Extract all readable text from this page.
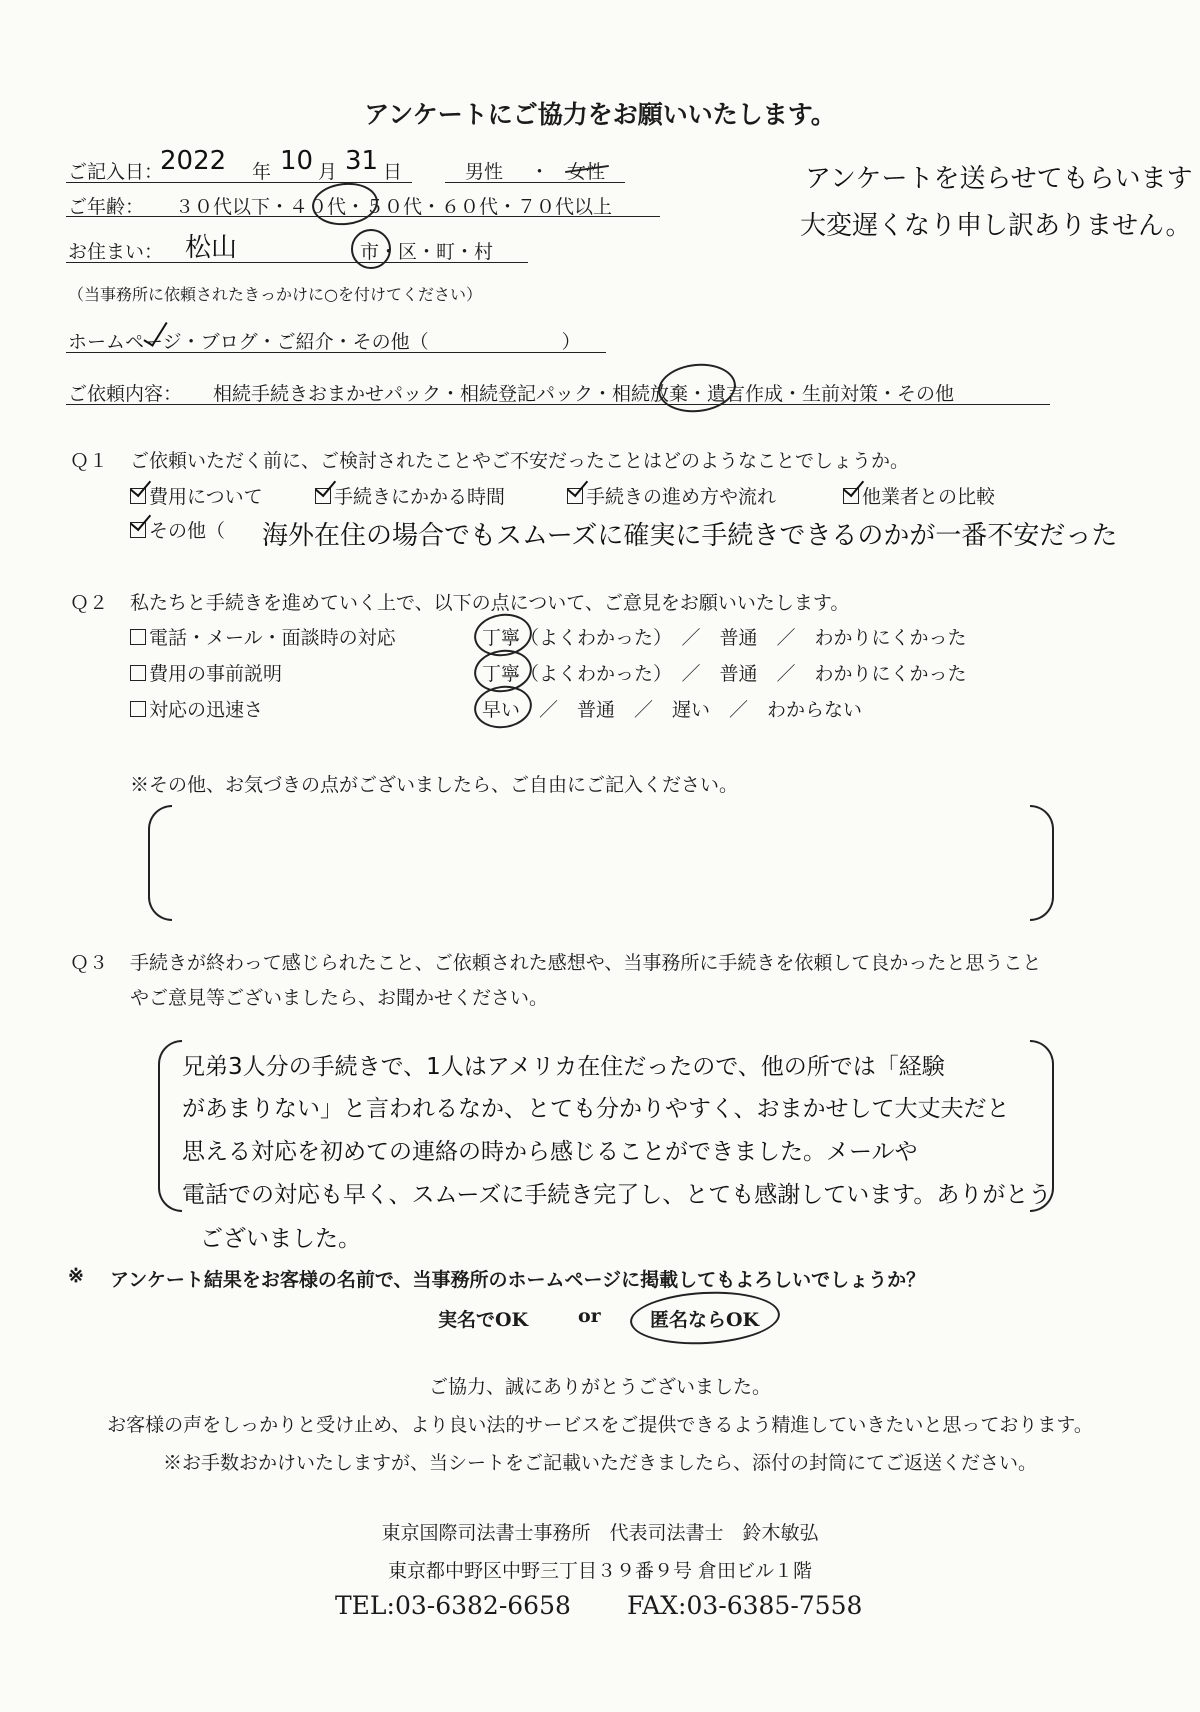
アンケートにご協力をお願いいたします。
ご記入日：
2022 年 10 月 31 日	男性 ・ 女性	アンケートを送らせてもらいます
大変遅くなり申し訳ありません。
ご年齢： ３０代以下・４０代・５０代・６０代・７０代以上
お住まい： 松山	市・区・町・村
（当事務所に依頼されたきっかけに○を付けてください）
ホームページ・ブログ・ご紹介・その他（　　　　　　　）
ご依頼内容： 相続手続きおまかせパック・相続登記パック・相続放棄・遺言作成・生前対策・その他
Ｑ１ ご依頼いただく前に、ご検討されたことやご不安だったことはどのようなことでしょうか。
費用について	手続きにかかる時間	手続きの進め方や流れ	他業者との比較
その他（ 海外在住の場合でもスムーズに確実に手続きできるのかが一番不安だった
Ｑ２ 私たちと手続きを進めていく上で、以下の点について、ご意見をお願いいたします。
電話・メール・面談時の対応	丁寧（よくわかった）　／　普通　／　わかりにくかった
費用の事前説明	丁寧（よくわかった）　／　普通　／　わかりにくかった
対応の迅速さ	早い　／　普通　／　遅い　／　わからない
※その他、お気づきの点がございましたら、ご自由にご記入ください。
Ｑ３ 手続きが終わって感じられたこと、ご依頼された感想や、当事務所に手続きを依頼して良かったと思うこと
やご意見等ございましたら、お聞かせください。
兄弟3人分の手続きで、1人はアメリカ在住だったので、他の所では「経験
があまりない」と言われるなか、とても分かりやすく、おまかせして大丈夫だと
思える対応を初めての連絡の時から感じることができました。メールや
電話での対応も早く、スムーズに手続き完了し、とても感謝しています。ありがとう
ございました。
※ アンケート結果をお客様の名前で、当事務所のホームページに掲載してもよろしいでしょうか？
実名でOK	or	匿名ならOK
ご協力、誠にありがとうございました。
お客様の声をしっかりと受け止め、より良い法的サービスをご提供できるよう精進していきたいと思っております。
※お手数おかけいたしますが、当シートをご記載いただきましたら、添付の封筒にてご返送ください。
東京国際司法書士事務所　 代表司法書士　 鈴木敏弘
東京都中野区中野三丁目３９番９号 倉田ビル１階
TEL:03-6382-6658 FAX:03-6385-7558
